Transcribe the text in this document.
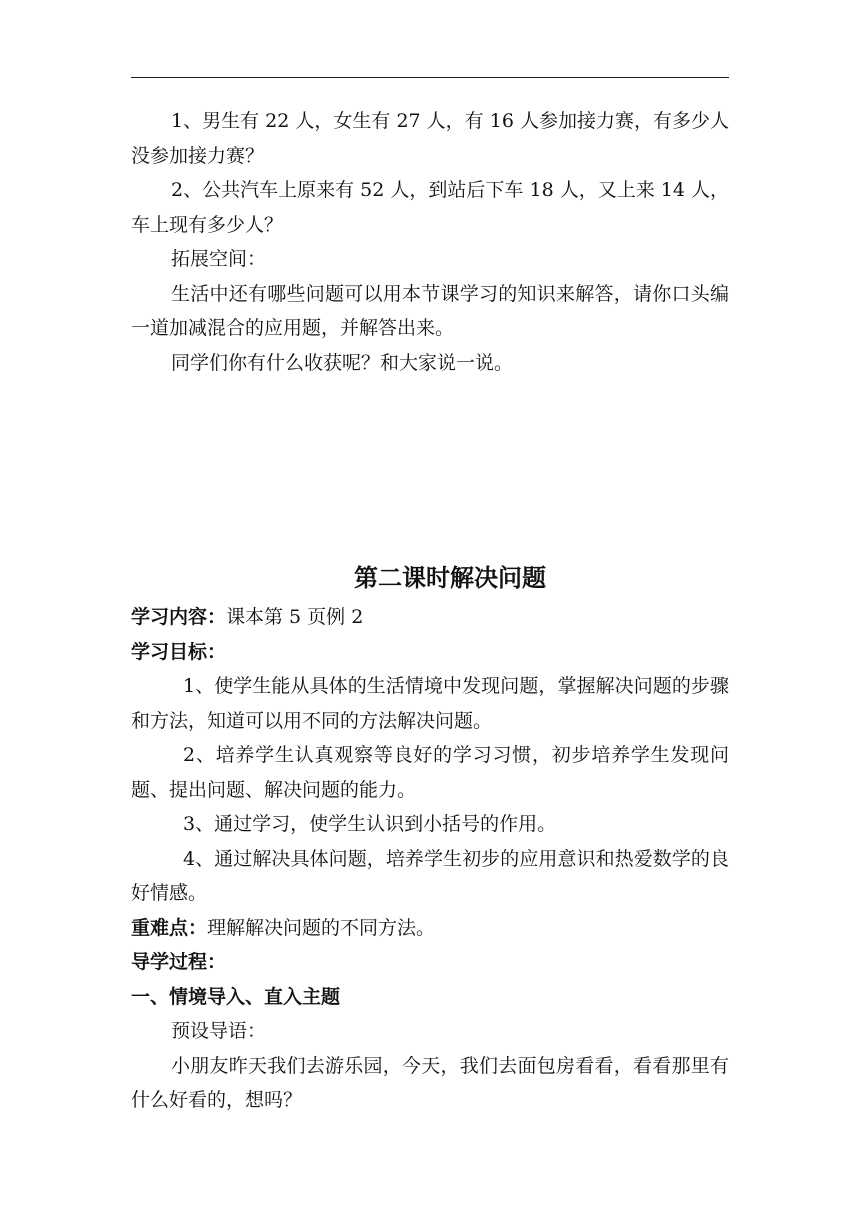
1、男生有 22 人，女生有 27 人，有 16 人参加接力赛，有多少人没参加接力赛？

2、公共汽车上原来有 52 人，到站后下车 18 人，又上来 14 人，车上现有多少人？

拓展空间：

生活中还有哪些问题可以用本节课学习的知识来解答，请你口头编一道加减混合的应用题，并解答出来。

同学们你有什么收获呢？和大家说一说。

第二课时解决问题

学习内容：课本第 5 页例 2

学习目标：

1、使学生能从具体的生活情境中发现问题，掌握解决问题的步骤和方法，知道可以用不同的方法解决问题。

2、培养学生认真观察等良好的学习习惯，初步培养学生发现问题、提出问题、解决问题的能力。

3、通过学习，使学生认识到小括号的作用。

4、通过解决具体问题，培养学生初步的应用意识和热爱数学的良好情感。

重难点：理解解决问题的不同方法。

导学过程：

一、情境导入、直入主题

预设导语：

小朋友昨天我们去游乐园，今天，我们去面包房看看，看看那里有什么好看的，想吗？
